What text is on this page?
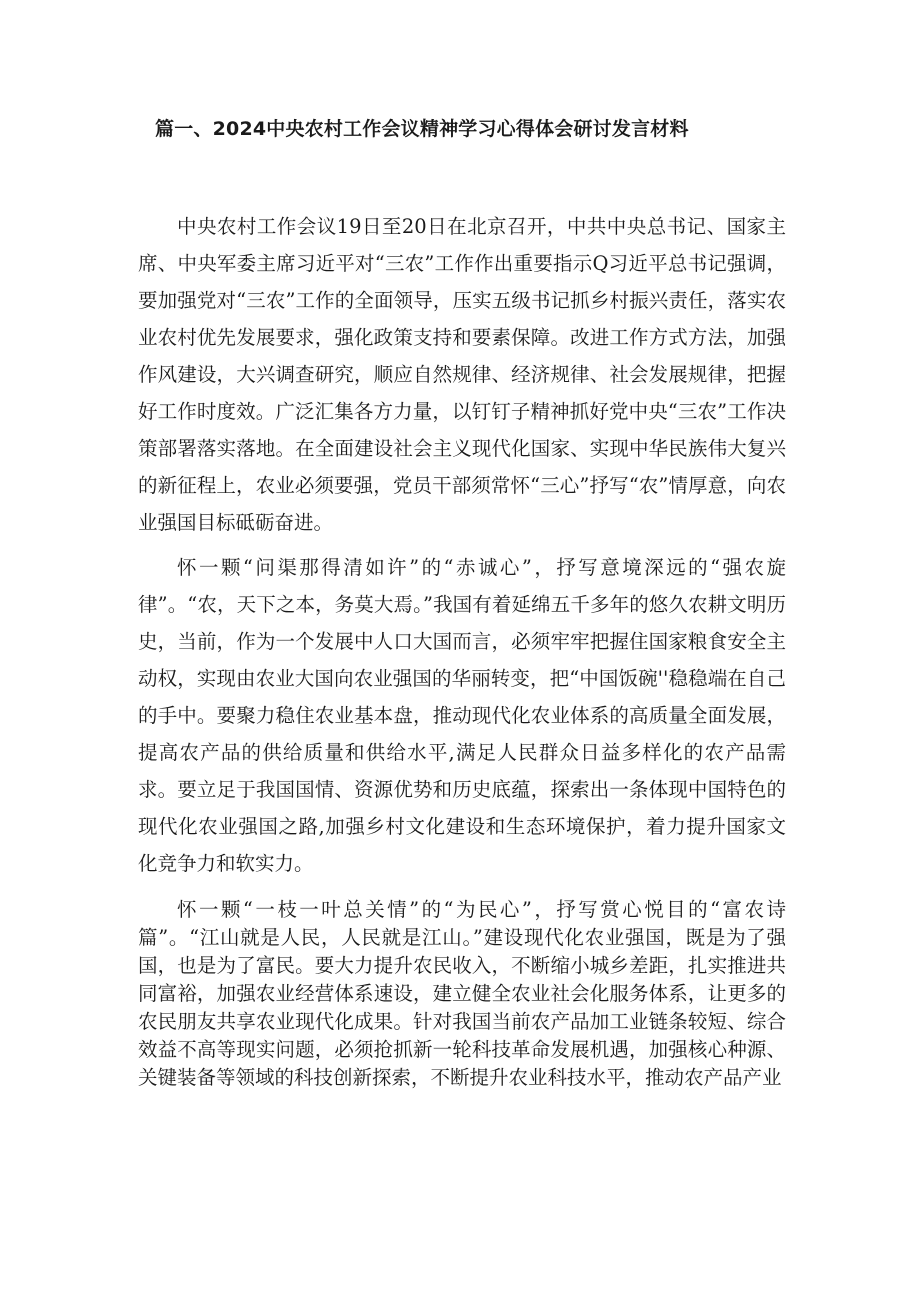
篇一、2024中央农村工作会议精神学习心得体会研讨发言材料

中央农村工作会议19日至20日在北京召开，中共中央总书记、国家主席、中央军委主席习近平对“三农”工作作出重要指示Q习近平总书记强调，要加强党对“三农”工作的全面领导，压实五级书记抓乡村振兴责任，落实农业农村优先发展要求，强化政策支持和要素保障。改进工作方式方法，加强作风建设，大兴调查研究，顺应自然规律、经济规律、社会发展规律，把握好工作时度效。广泛汇集各方力量，以钉钉子精神抓好党中央“三农”工作决策部署落实落地。在全面建设社会主义现代化国家、实现中华民族伟大复兴的新征程上，农业必须要强，党员干部须常怀“三心”抒写“农”情厚意，向农业强国目标砥砺奋进。

怀一颗“问渠那得清如许”的“赤诚心”，抒写意境深远的“强农旋律”。“农，天下之本，务莫大焉。”我国有着延绵五千多年的悠久农耕文明历史，当前，作为一个发展中人口大国而言，必须牢牢把握住国家粮食安全主动权，实现由农业大国向农业强国的华丽转变，把“中国饭碗''稳稳端在自己的手中。要聚力稳住农业基本盘，推动现代化农业体系的高质量全面发展，提高农产品的供给质量和供给水平,满足人民群众日益多样化的农产品需求。要立足于我国国情、资源优势和历史底蕴，探索出一条体现中国特色的现代化农业强国之路,加强乡村文化建设和生态环境保护，着力提升国家文化竞争力和软实力。

怀一颗“一枝一叶总关情”的“为民心”，抒写赏心悦目的“富农诗篇”。“江山就是人民，人民就是江山。”建设现代化农业强国，既是为了强国，也是为了富民。要大力提升农民收入，不断缩小城乡差距，扎实推进共同富裕，加强农业经营体系速设，建立健全农业社会化服务体系，让更多的农民朋友共享农业现代化成果。针对我国当前农产品加工业链条较短、综合效益不高等现实问题，必须抢抓新一轮科技革命发展机遇，加强核心种源、关键装备等领域的科技创新探索，不断提升农业科技水平，推动农产品产业
